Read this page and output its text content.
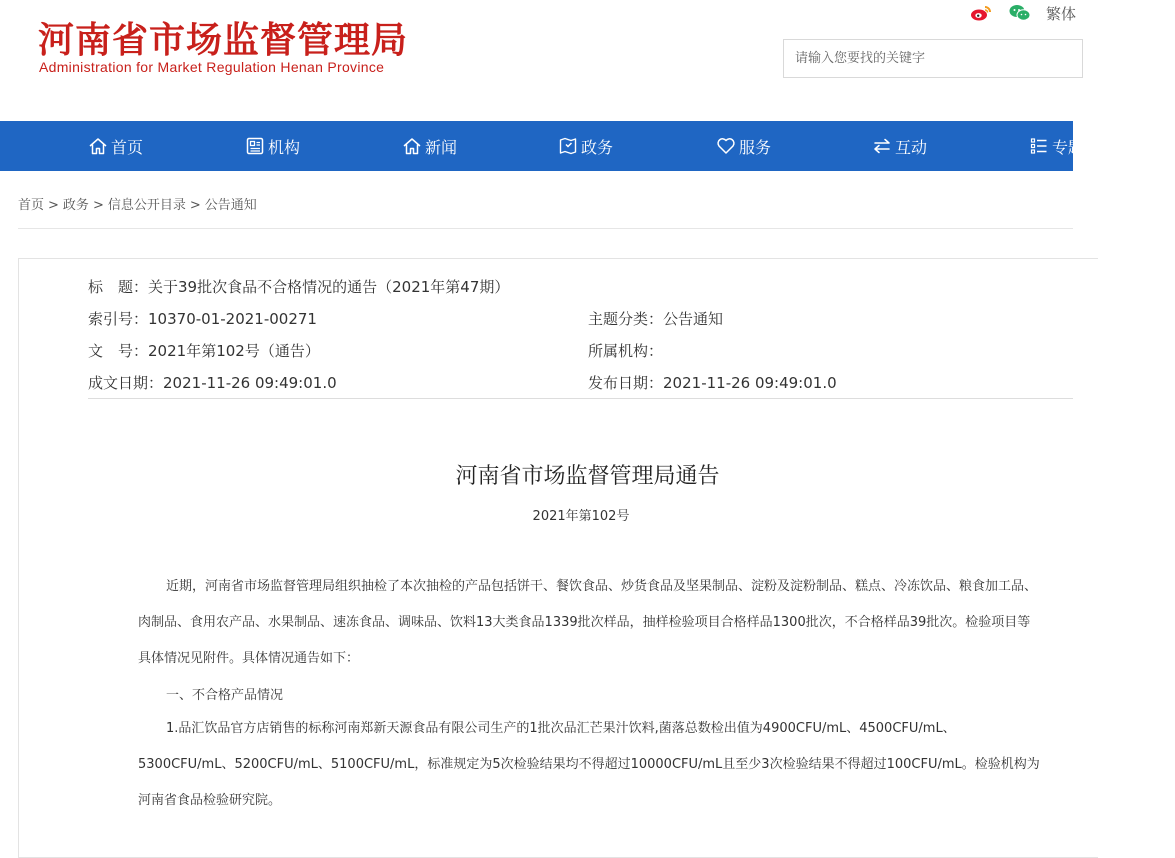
河南省市场监督管理局
Administration for Market Regulation Henan Province
繁体
请输入您要找的关键字
首页	机构	新闻	政务	服务	互动	专题
首页 > 政务 > 信息公开目录 > 公告通知
标　题：关于39批次食品不合格情况的通告（2021年第47期）
索引号：10370-01-2021-00271	主题分类：公告通知
文　号：2021年第102号（通告）	所属机构：
成文日期：2021-11-26 09:49:01.0	发布日期：2021-11-26 09:49:01.0
河南省市场监督管理局通告
2021年第102号

近期，河南省市场监督管理局组织抽检了本次抽检的产品包括饼干、餐饮食品、炒货食品及坚果制品、淀粉及淀粉制品、糕点、冷冻饮品、粮食加工品、肉制品、食用农产品、水果制品、速冻食品、调味品、饮料13大类食品1339批次样品，抽样检验项目合格样品1300批次，不合格样品39批次。检验项目等具体情况见附件。具体情况通告如下：

一、不合格产品情况

1.品汇饮品官方店销售的标称河南郑新天源食品有限公司生产的1批次品汇芒果汁饮料,菌落总数检出值为4900CFU/mL、4500CFU/mL、5300CFU/mL、5200CFU/mL、5100CFU/mL，标准规定为5次检验结果均不得超过10000CFU/mL且至少3次检验结果不得超过100CFU/mL。检验机构为河南省食品检验研究院。
